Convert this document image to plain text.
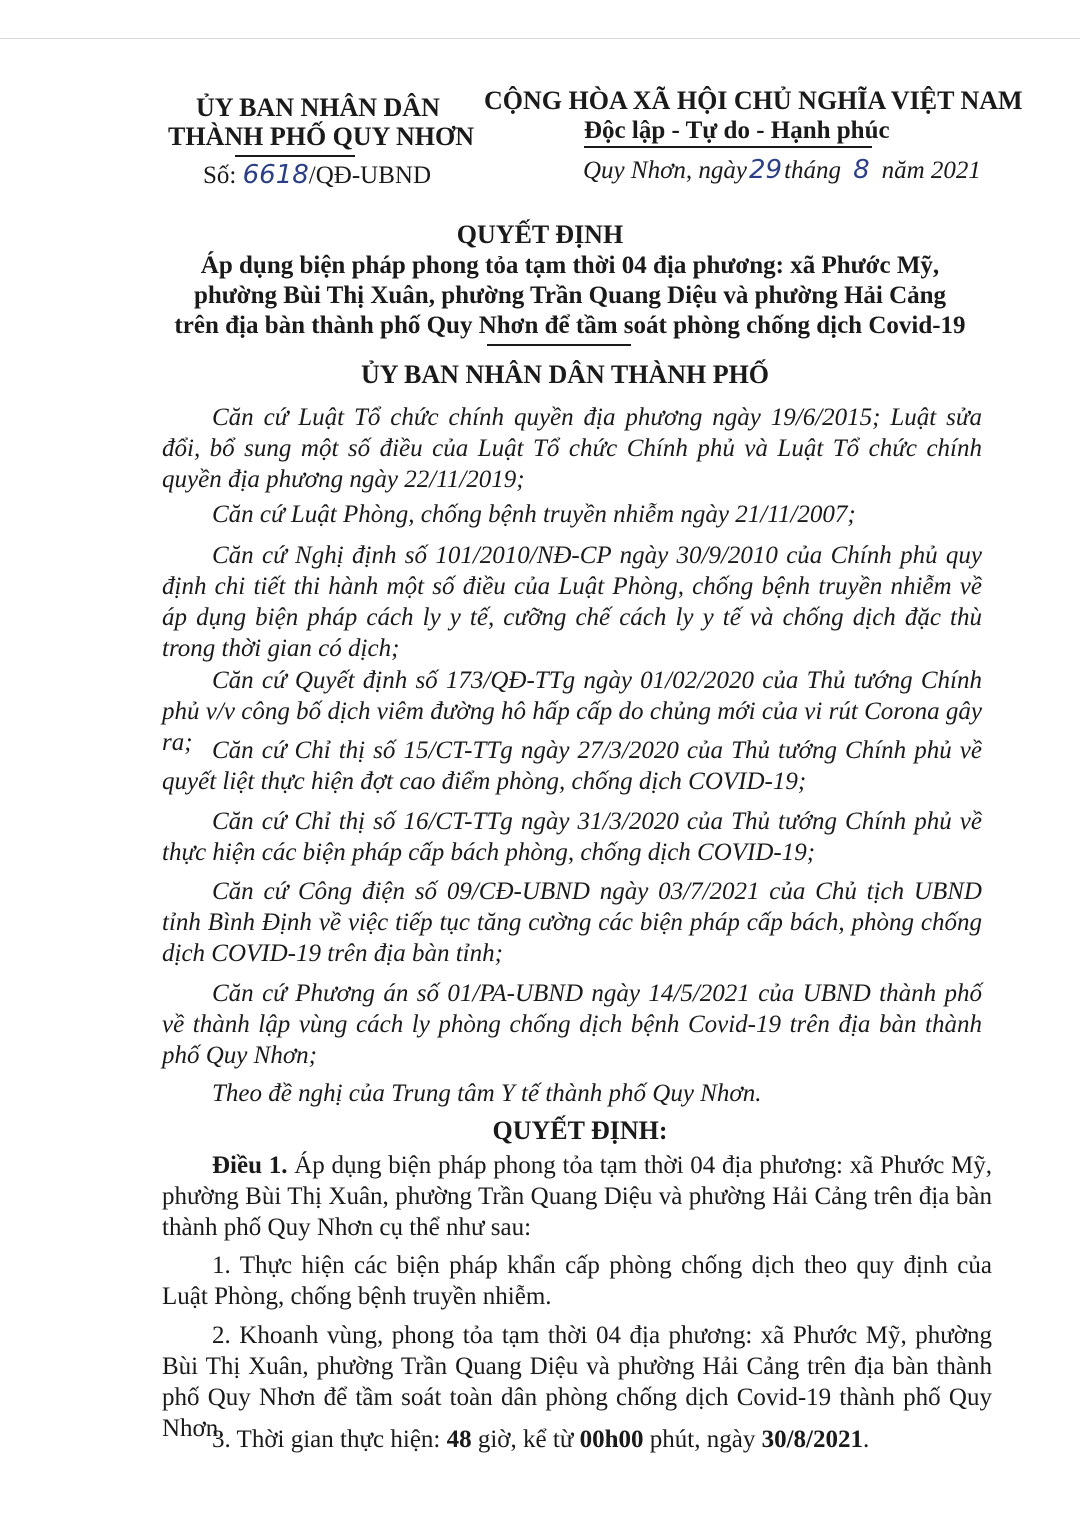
ỦY BAN NHÂN DÂN
THÀNH PHỐ QUY NHƠN
Số: 6618/QĐ-UBND
CỘNG HÒA XÃ HỘI CHỦ NGHĨA VIỆT NAM
Độc lập - Tự do - Hạnh phúc
Quy Nhơn, ngày29tháng 8 năm 2021
QUYẾT ĐỊNH
Áp dụng biện pháp phong tỏa tạm thời 04 địa phương: xã Phước Mỹ,
phường Bùi Thị Xuân, phường Trần Quang Diệu và phường Hải Cảng
trên địa bàn thành phố Quy Nhơn để tầm soát phòng chống dịch Covid-19
ỦY BAN NHÂN DÂN THÀNH PHỐ
Căn cứ Luật Tổ chức chính quyền địa phương ngày 19/6/2015; Luật sửa đổi, bổ sung một số điều của Luật Tổ chức Chính phủ và Luật Tổ chức chính quyền địa phương ngày 22/11/2019;
Căn cứ Luật Phòng, chống bệnh truyền nhiễm ngày 21/11/2007;
Căn cứ Nghị định số 101/2010/NĐ-CP ngày 30/9/2010 của Chính phủ quy định chi tiết thi hành một số điều của Luật Phòng, chống bệnh truyền nhiễm về áp dụng biện pháp cách ly y tế, cưỡng chế cách ly y tế và chống dịch đặc thù trong thời gian có dịch;
Căn cứ Quyết định số 173/QĐ-TTg ngày 01/02/2020 của Thủ tướng Chính phủ v/v công bố dịch viêm đường hô hấp cấp do chủng mới của vi rút Corona gây ra; Căn cứ Chỉ thị số 15/CT-TTg ngày 27/3/2020 của Thủ tướng Chính phủ về quyết liệt thực hiện đợt cao điểm phòng, chống dịch COVID-19;
Căn cứ Chỉ thị số 16/CT-TTg ngày 31/3/2020 của Thủ tướng Chính phủ về thực hiện các biện pháp cấp bách phòng, chống dịch COVID-19;
Căn cứ Công điện số 09/CĐ-UBND ngày 03/7/2021 của Chủ tịch UBND tỉnh Bình Định về việc tiếp tục tăng cường các biện pháp cấp bách, phòng chống dịch COVID-19 trên địa bàn tỉnh;
Căn cứ Phương án số 01/PA-UBND ngày 14/5/2021 của UBND thành phố về thành lập vùng cách ly phòng chống dịch bệnh Covid-19 trên địa bàn thành phố Quy Nhơn;
Theo đề nghị của Trung tâm Y tế thành phố Quy Nhơn.
QUYẾT ĐỊNH:
Điều 1. Áp dụng biện pháp phong tỏa tạm thời 04 địa phương: xã Phước Mỹ, phường Bùi Thị Xuân, phường Trần Quang Diệu và phường Hải Cảng trên địa bàn thành phố Quy Nhơn cụ thể như sau:
1. Thực hiện các biện pháp khẩn cấp phòng chống dịch theo quy định của Luật Phòng, chống bệnh truyền nhiễm.
2. Khoanh vùng, phong tỏa tạm thời 04 địa phương: xã Phước Mỹ, phường Bùi Thị Xuân, phường Trần Quang Diệu và phường Hải Cảng trên địa bàn thành phố Quy Nhơn để tầm soát toàn dân phòng chống dịch Covid-19 thành phố Quy Nhơn.
3. Thời gian thực hiện: 48 giờ, kể từ 00h00 phút, ngày 30/8/2021.
